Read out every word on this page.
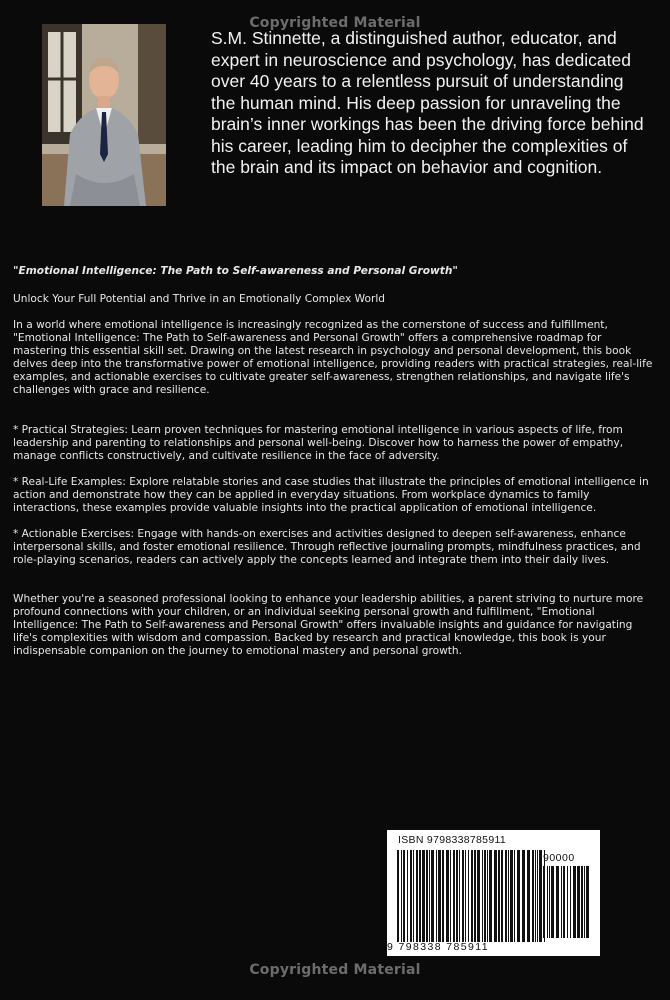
Copyrighted Material

S.M. Stinnette, a distinguished author, educator, and expert in neuroscience and psychology, has dedicated over 40 years to a relentless pursuit of understanding the human mind. His deep passion for unraveling the brain’s inner workings has been the driving force behind his career, leading him to decipher the complexities of the brain and its impact on behavior and cognition.

"Emotional Intelligence: The Path to Self-awareness and Personal Growth"

Unlock Your Full Potential and Thrive in an Emotionally Complex World

In a world where emotional intelligence is increasingly recognized as the cornerstone of success and fulfillment, "Emotional Intelligence: The Path to Self-awareness and Personal Growth" offers a comprehensive roadmap for mastering this essential skill set. Drawing on the latest research in psychology and personal development, this book delves deep into the transformative power of emotional intelligence, providing readers with practical strategies, real-life examples, and actionable exercises to cultivate greater self-awareness, strengthen relationships, and navigate life's challenges with grace and resilience.

* Practical Strategies: Learn proven techniques for mastering emotional intelligence in various aspects of life, from leadership and parenting to relationships and personal well-being. Discover how to harness the power of empathy, manage conflicts constructively, and cultivate resilience in the face of adversity.

* Real-Life Examples: Explore relatable stories and case studies that illustrate the principles of emotional intelligence in action and demonstrate how they can be applied in everyday situations. From workplace dynamics to family interactions, these examples provide valuable insights into the practical application of emotional intelligence.

* Actionable Exercises: Engage with hands-on exercises and activities designed to deepen self-awareness, enhance interpersonal skills, and foster emotional resilience. Through reflective journaling prompts, mindfulness practices, and role-playing scenarios, readers can actively apply the concepts learned and integrate them into their daily lives.

Whether you're a seasoned professional looking to enhance your leadership abilities, a parent striving to nurture more profound connections with your children, or an individual seeking personal growth and fulfillment, "Emotional Intelligence: The Path to Self-awareness and Personal Growth" offers invaluable insights and guidance for navigating life's complexities with wisdom and compassion. Backed by research and practical knowledge, this book is your indispensable companion on the journey to emotional mastery and personal growth.

ISBN 9798338785911
90000
9 798338 785911
Copyrighted Material
